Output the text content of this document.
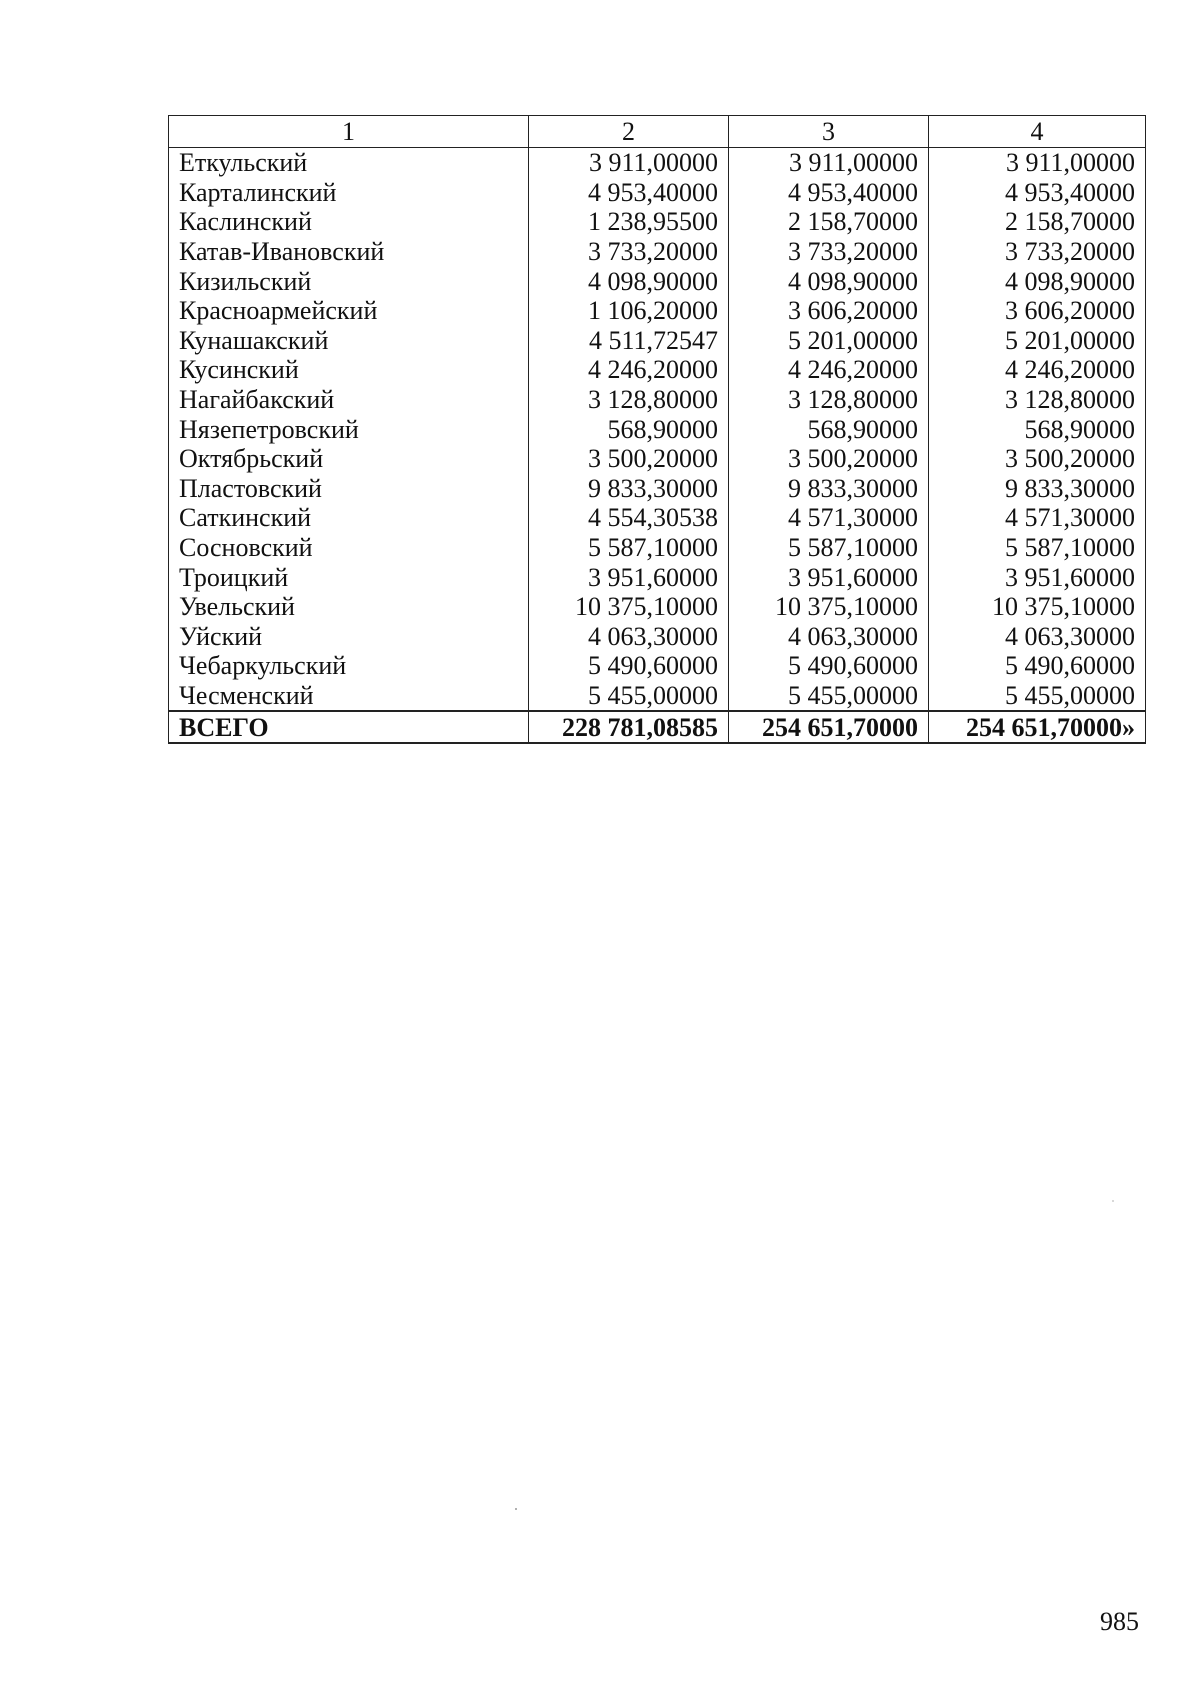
1	2	3	4
Еткульский	3 911,00000	3 911,00000	3 911,00000
Карталинский	4 953,40000	4 953,40000	4 953,40000
Каслинский	1 238,95500	2 158,70000	2 158,70000
Катав-Ивановский	3 733,20000	3 733,20000	3 733,20000
Кизильский	4 098,90000	4 098,90000	4 098,90000
Красноармейский	1 106,20000	3 606,20000	3 606,20000
Кунашакский	4 511,72547	5 201,00000	5 201,00000
Кусинский	4 246,20000	4 246,20000	4 246,20000
Нагайбакский	3 128,80000	3 128,80000	3 128,80000
Нязепетровский	568,90000	568,90000	568,90000
Октябрьский	3 500,20000	3 500,20000	3 500,20000
Пластовский	9 833,30000	9 833,30000	9 833,30000
Саткинский	4 554,30538	4 571,30000	4 571,30000
Сосновский	5 587,10000	5 587,10000	5 587,10000
Троицкий	3 951,60000	3 951,60000	3 951,60000
Увельский	10 375,10000	10 375,10000	10 375,10000
Уйский	4 063,30000	4 063,30000	4 063,30000
Чебаркульский	5 490,60000	5 490,60000	5 490,60000
Чесменский	5 455,00000	5 455,00000	5 455,00000
ВСЕГО	228 781,08585	254 651,70000	254 651,70000»
985
